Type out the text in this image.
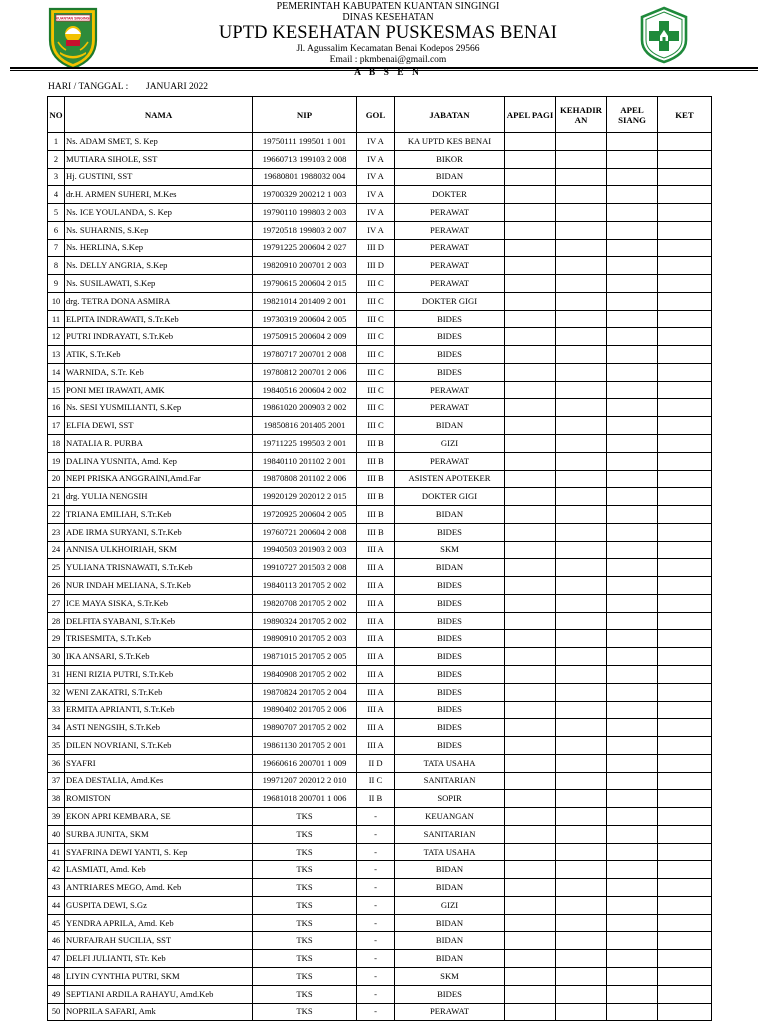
KUANTAN SINGINGI
PEMERINTAH KABUPATEN KUANTAN SINGINGI
DINAS KESEHATAN
UPTD KESEHATAN PUSKESMAS BENAI
Jl. Agussalim Kecamatan Benai Kodepos 29566
Email : pkmbenai@gmail.com
A B S E N
HARI / TANGGAL : JANUARI 2022
NO	NAMA	NIP	GOL	JABATAN	APEL PAGI	KEHADIR AN	APEL SIANG	KET
1	Ns. ADAM SMET, S. Kep	19750111 199501 1 001	IV A	KA UPTD KES BENAI				
2	MUTIARA SIHOLE, SST	19660713 199103 2 008	IV A	BIKOR				
3	Hj. GUSTINI, SST	19680801 1988032 004	IV A	BIDAN				
4	dr.H. ARMEN SUHERI, M.Kes	19700329 200212 1 003	IV A	DOKTER				
5	Ns. ICE YOULANDA, S. Kep	19790110 199803 2 003	IV A	PERAWAT				
6	Ns. SUHARNIS, S.Kep	19720518 199803 2 007	IV A	PERAWAT				
7	Ns. HERLINA, S.Kep	19791225 200604 2 027	III D	PERAWAT				
8	Ns. DELLY ANGRIA, S.Kep	19820910 200701 2 003	III D	PERAWAT				
9	Ns. SUSILAWATI, S.Kep	19790615 200604 2 015	III C	PERAWAT				
10	drg. TETRA DONA ASMIRA	19821014 201409 2 001	III C	DOKTER GIGI				
11	ELPITA INDRAWATI, S.Tr.Keb	19730319 200604 2 005	III C	BIDES				
12	PUTRI INDRAYATI, S.Tr.Keb	19750915 200604 2 009	III C	BIDES				
13	ATIK, S.Tr.Keb	19780717 200701 2 008	III C	BIDES				
14	WARNIDA, S.Tr. Keb	19780812 200701 2 006	III C	BIDES				
15	PONI MEI IRAWATI, AMK	19840516 200604 2 002	III C	PERAWAT				
16	Ns. SESI YUSMILIANTI, S.Kep	19861020 200903 2 002	III C	PERAWAT				
17	ELFIA DEWI, SST	19850816 201405 2001	III C	BIDAN				
18	NATALIA R. PURBA	19711225 199503 2 001	III B	GIZI				
19	DALINA YUSNITA, Amd. Kep	19840110 201102 2 001	III B	PERAWAT				
20	NEPI PRISKA ANGGRAINI,Amd.Far	19870808 201102 2 006	III B	ASISTEN APOTEKER				
21	drg. YULIA NENGSIH	19920129 202012 2 015	III B	DOKTER GIGI				
22	TRIANA EMILIAH, S.Tr.Keb	19720925 200604 2 005	III B	BIDAN				
23	ADE IRMA SURYANI, S.Tr.Keb	19760721 200604 2 008	III B	BIDES				
24	ANNISA ULKHOIRIAH, SKM	19940503 201903 2 003	III A	SKM				
25	YULIANA TRISNAWATI, S.Tr.Keb	19910727 201503 2 008	III A	BIDAN				
26	NUR INDAH MELIANA, S.Tr.Keb	19840113 201705 2 002	III A	BIDES				
27	ICE MAYA SISKA, S.Tr.Keb	19820708 201705 2 002	III A	BIDES				
28	DELFITA SYABANI, S.Tr.Keb	19890324 201705 2 002	III A	BIDES				
29	TRISESMITA, S.Tr.Keb	19890910 201705 2 003	III A	BIDES				
30	IKA ANSARI, S.Tr.Keb	19871015 201705 2 005	III A	BIDES				
31	HENI RIZIA PUTRI, S.Tr.Keb	19840908 201705 2 002	III A	BIDES				
32	WENI ZAKATRI, S.Tr.Keb	19870824 201705 2 004	III A	BIDES				
33	ERMITA APRIANTI, S.Tr.Keb	19890402 201705 2 006	III A	BIDES				
34	ASTI NENGSIH, S.Tr.Keb	19890707 201705 2 002	III A	BIDES				
35	DILEN NOVRIANI, S.Tr.Keb	19861130 201705 2 001	III A	BIDES				
36	SYAFRI	19660616 200701 1 009	II D	TATA USAHA				
37	DEA DESTALIA, Amd.Kes	19971207 202012 2 010	II C	SANITARIAN				
38	ROMISTON	19681018 200701 1 006	II B	SOPIR				
39	EKON APRI KEMBARA, SE	TKS	-	KEUANGAN				
40	SURBA JUNITA, SKM	TKS	-	SANITARIAN				
41	SYAFRINA DEWI YANTI, S. Kep	TKS	-	TATA USAHA				
42	LASMIATI, Amd. Keb	TKS	-	BIDAN				
43	ANTRIARES MEGO, Amd. Keb	TKS	-	BIDAN				
44	GUSPITA DEWI, S.Gz	TKS	-	GIZI				
45	YENDRA APRILA, Amd. Keb	TKS	-	BIDAN				
46	NURFAJRAH SUCILIA, SST	TKS	-	BIDAN				
47	DELFI JULIANTI, STr. Keb	TKS	-	BIDAN				
48	LIYIN CYNTHIA PUTRI, SKM	TKS	-	SKM				
49	SEPTIANI ARDILA RAHAYU, Amd.Keb	TKS	-	BIDES				
50	NOPRILA SAFARI, Amk	TKS	-	PERAWAT				
